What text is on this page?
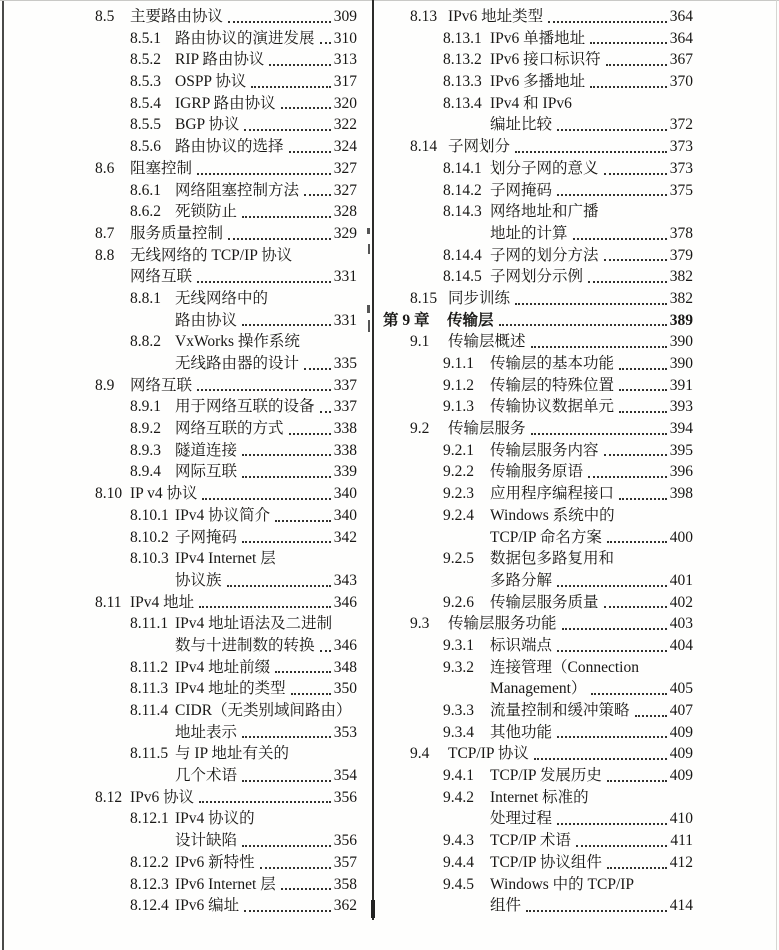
8.5	主要路由协议	309
8.5.1 路由协议的演进发展 310
8.5.2 RIP 路由协议	313
8.5.3 OSPP 协议	317
8.5.4 IGRP 路由协议	320
8.5.5 BGP 协议	322
8.5.6 路由协议的选择	324
8.6	阻塞控制	327
8.6.1 网络阻塞控制方法 327
8.6.2 死锁防止	328
8.7	服务质量控制	329
8.8	无线网络的 TCP/IP 协议
网络互联	331
8.8.1 无线网络中的
路由协议	331
8.8.2 VxWorks 操作系统
无线路由器的设计 335
8.9	网络互联	337
8.9.1 用于网络互联的设备 337
8.9.2 网络互联的方式	338
8.9.3 隧道连接	338
8.9.4 网际互联	339
8.10 IP v4 协议	340
8.10.1 IPv4 协议简介	340
8.10.2 子网掩码	342
8.10.3 IPv4 Internet 层
协议族	343
8.11 IPv4 地址	346
8.11.1 IPv4 地址语法及二进制
数与十进制数的转换 346
8.11.2 IPv4 地址前缀	348
8.11.3 IPv4 地址的类型	350
8.11.4 CIDR（无类别域间路由）
地址表示	353
8.11.5 与 IP 地址有关的
几个术语	354
8.12 IPv6 协议	356
8.12.1 IPv4 协议的
设计缺陷	356
8.12.2 IPv6 新特性	357
8.12.3 IPv6 Internet 层	358
8.12.4 IPv6 编址	362
8.13 IPv6 地址类型	364
8.13.1 IPv6 单播地址	364
8.13.2 IPv6 接口标识符	367
8.13.3 IPv6 多播地址	370
8.13.4 IPv4 和 IPv6
编址比较	372
8.14 子网划分	373
8.14.1 划分子网的意义	373
8.14.2 子网掩码	375
8.14.3 网络地址和广播
地址的计算	378
8.14.4 子网的划分方法	379
8.14.5 子网划分示例	382
8.15 同步训练	382
第 9 章	传输层	389
9.1	传输层概述	390
9.1.1	传输层的基本功能	390
9.1.2	传输层的特殊位置	391
9.1.3	传输协议数据单元	393
9.2	传输层服务	394
9.2.1	传输层服务内容	395
9.2.2	传输服务原语	396
9.2.3	应用程序编程接口	398
9.2.4	Windows 系统中的
TCP/IP 命名方案	400
9.2.5	数据包多路复用和
多路分解	401
9.2.6	传输层服务质量	402
9.3	传输层服务功能	403
9.3.1	标识端点	404
9.3.2	连接管理（Connection
Management）	405
9.3.3	流量控制和缓冲策略	407
9.3.4	其他功能	409
9.4	TCP/IP 协议	409
9.4.1	TCP/IP 发展历史	409
9.4.2	Internet 标准的
处理过程	410
9.4.3	TCP/IP 术语	411
9.4.4	TCP/IP 协议组件	412
9.4.5	Windows 中的 TCP/IP
组件	414
